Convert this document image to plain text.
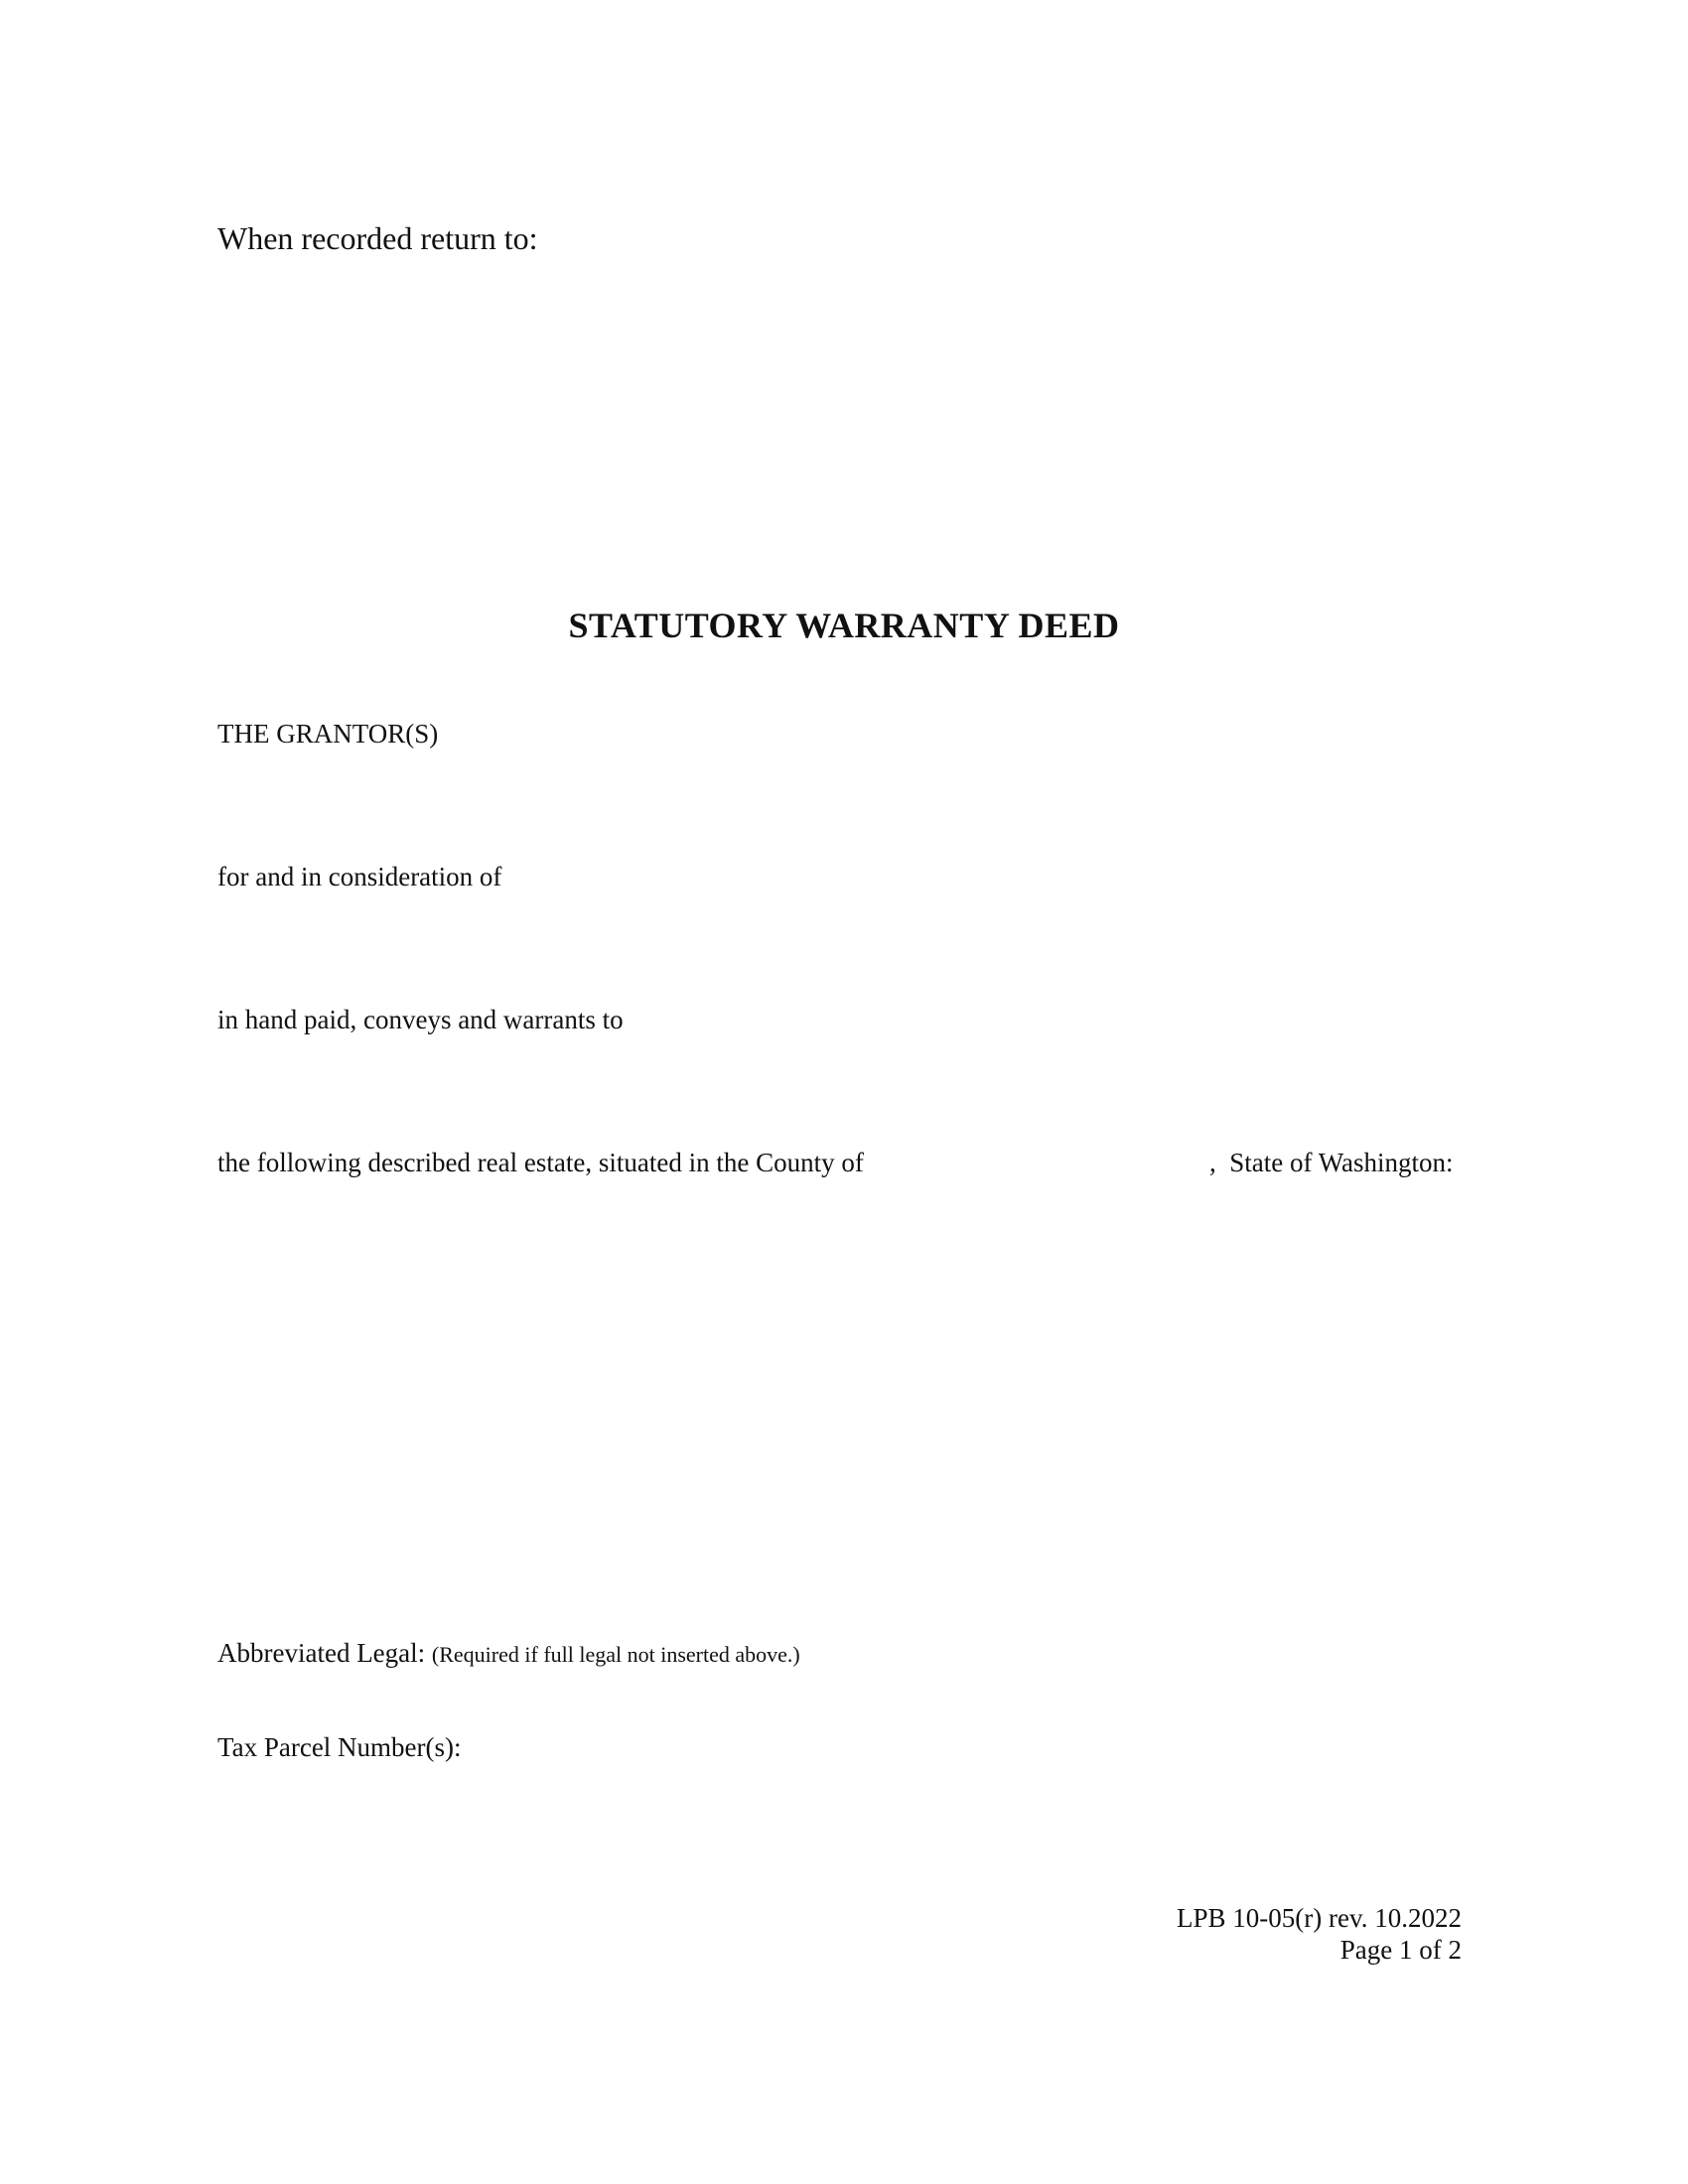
When recorded return to:
STATUTORY WARRANTY DEED
THE GRANTOR(S)
for and in consideration of
in hand paid, conveys and warrants to
the following described real estate, situated in the County of	,  State of Washington:
Abbreviated Legal: (Required if full legal not inserted above.)
Tax Parcel Number(s):
LPB 10-05(r) rev. 10.2022
Page 1 of 2
